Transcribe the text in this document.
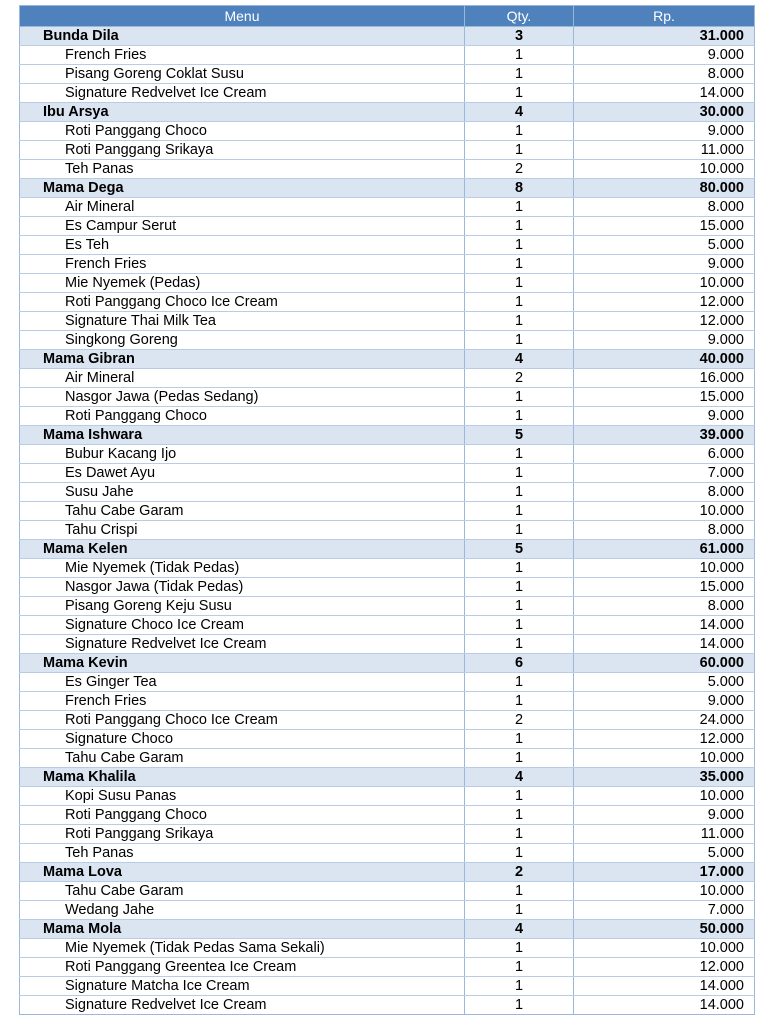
Menu	Qty.	Rp.
Bunda Dila	3	31.000
French Fries	1	9.000
Pisang Goreng Coklat Susu	1	8.000
Signature Redvelvet Ice Cream	1	14.000
Ibu Arsya	4	30.000
Roti Panggang Choco	1	9.000
Roti Panggang Srikaya	1	11.000
Teh Panas	2	10.000
Mama Dega	8	80.000
Air Mineral	1	8.000
Es Campur Serut	1	15.000
Es Teh	1	5.000
French Fries	1	9.000
Mie Nyemek (Pedas)	1	10.000
Roti Panggang Choco Ice Cream	1	12.000
Signature Thai Milk Tea	1	12.000
Singkong Goreng	1	9.000
Mama Gibran	4	40.000
Air Mineral	2	16.000
Nasgor Jawa (Pedas Sedang)	1	15.000
Roti Panggang Choco	1	9.000
Mama Ishwara	5	39.000
Bubur Kacang Ijo	1	6.000
Es Dawet Ayu	1	7.000
Susu Jahe	1	8.000
Tahu Cabe Garam	1	10.000
Tahu Crispi	1	8.000
Mama Kelen	5	61.000
Mie Nyemek (Tidak Pedas)	1	10.000
Nasgor Jawa (Tidak Pedas)	1	15.000
Pisang Goreng Keju Susu	1	8.000
Signature Choco Ice Cream	1	14.000
Signature Redvelvet Ice Cream	1	14.000
Mama Kevin	6	60.000
Es Ginger Tea	1	5.000
French Fries	1	9.000
Roti Panggang Choco Ice Cream	2	24.000
Signature Choco	1	12.000
Tahu Cabe Garam	1	10.000
Mama Khalila	4	35.000
Kopi Susu Panas	1	10.000
Roti Panggang Choco	1	9.000
Roti Panggang Srikaya	1	11.000
Teh Panas	1	5.000
Mama Lova	2	17.000
Tahu Cabe Garam	1	10.000
Wedang Jahe	1	7.000
Mama Mola	4	50.000
Mie Nyemek (Tidak Pedas Sama Sekali)	1	10.000
Roti Panggang Greentea Ice Cream	1	12.000
Signature Matcha Ice Cream	1	14.000
Signature Redvelvet Ice Cream	1	14.000
